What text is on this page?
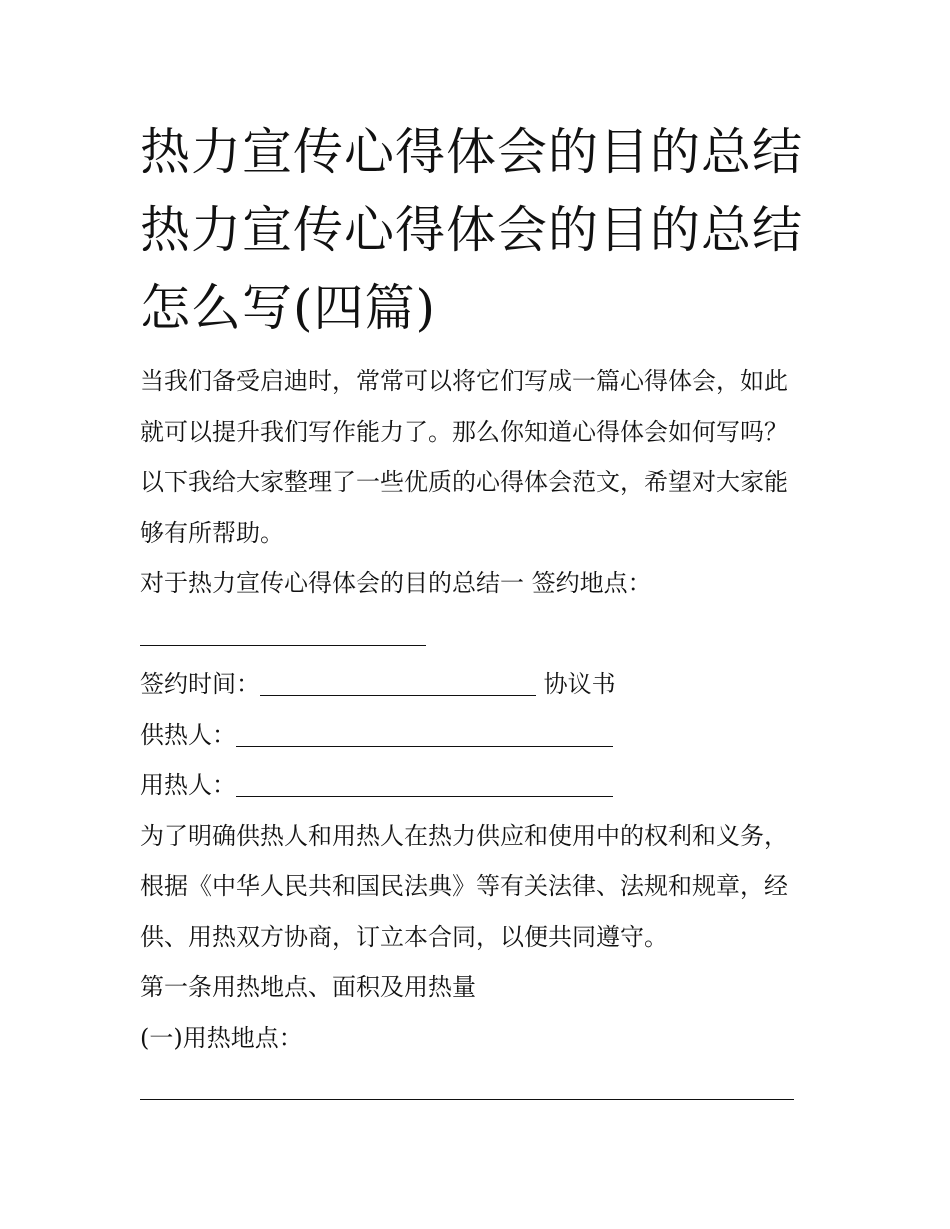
热力宣传心得体会的目的总结
热力宣传心得体会的目的总结
怎么写(四篇)
当我们备受启迪时，常常可以将它们写成一篇心得体会，如此
就可以提升我们写作能力了。那么你知道心得体会如何写吗？
以下我给大家整理了一些优质的心得体会范文，希望对大家能
够有所帮助。
对于热力宣传心得体会的目的总结一 签约地点：
签约时间：	协议书
供热人：
用热人：
为了明确供热人和用热人在热力供应和使用中的权利和义务，
根据《中华人民共和国民法典》等有关法律、法规和规章，经
供、用热双方协商，订立本合同，以便共同遵守。
第一条用热地点、面积及用热量
(一)用热地点：
